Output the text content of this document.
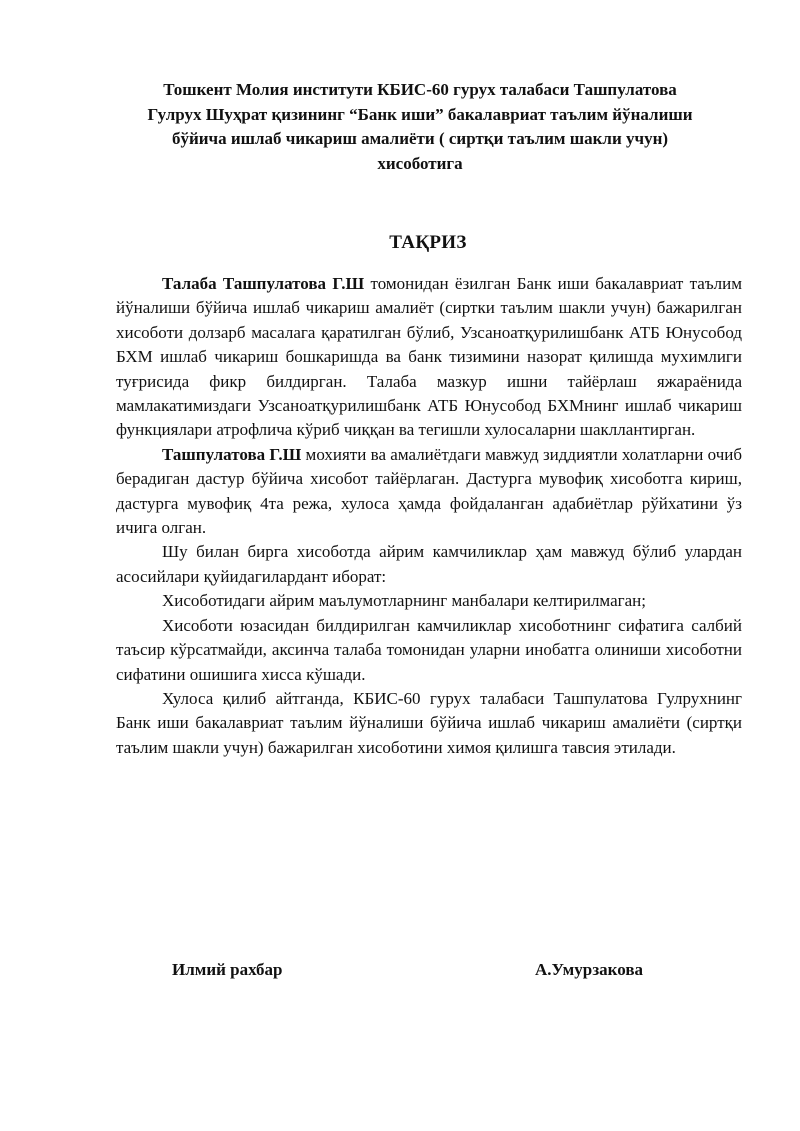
Тошкент Молия институти КБИС-60 гурух талабаси Ташпулатова
Гулрух Шуҳрат қизининг “Банк иши” бакалавриат таълим йўналиши
бўйича ишлаб чикариш амалиёти ( сиртқи таълим шакли учун)
хисоботига
ТАҚРИЗ

Талаба Ташпулатова Г.Ш томонидан ёзилган Банк иши бакалавриат таълим йўналиши бўйича ишлаб чикариш амалиёт (сиртки таълим шакли учун) бажарилган хисоботи долзарб масалага қаратилган бўлиб, Узсаноатқурилишбанк АТБ Юнусобод БХМ ишлаб чикариш бошкаришда ва банк тизимини назорат қилишда мухимлиги туғрисида фикр билдирган. Талаба мазкур ишни тайёрлаш яжараёнида мамлакатимиздаги Узсаноатқурилишбанк АТБ Юнусобод БХМнинг ишлаб чикариш функциялари атрофлича кўриб чиққан ва тегишли хулосаларни шакллантирган.

Ташпулатова Г.Ш мохияти ва амалиётдаги мавжуд зиддиятли холатларни очиб берадиган дастур бўйича хисобот тайёрлаган. Дастурга мувофиқ хисоботга кириш, дастурга мувофиқ 4та режа, хулоса ҳамда фойдаланган адабиётлар рўйхатини ўз ичига олган.

Шу билан бирга хисоботда айрим камчиликлар ҳам мавжуд бўлиб улардан асосийлари қуйидагилардант иборат:

Хисоботидаги айрим маълумотларнинг манбалари келтирилмаган;

Хисоботи юзасидан билдирилган камчиликлар хисоботнинг сифатига салбий таъсир кўрсатмайди, аксинча талаба томонидан уларни инобатга олиниши хисоботни сифатини ошишига хисса кўшади.

Хулоса қилиб айтганда, КБИС-60 гурух талабаси Ташпулатова Гулрухнинг Банк иши бакалавриат таълим йўналиши бўйича ишлаб чикариш амалиёти (сиртқи таълим шакли учун) бажарилган хисоботини химоя қилишга тавсия этилади.

Илмий рахбар	А.Умурзакова
